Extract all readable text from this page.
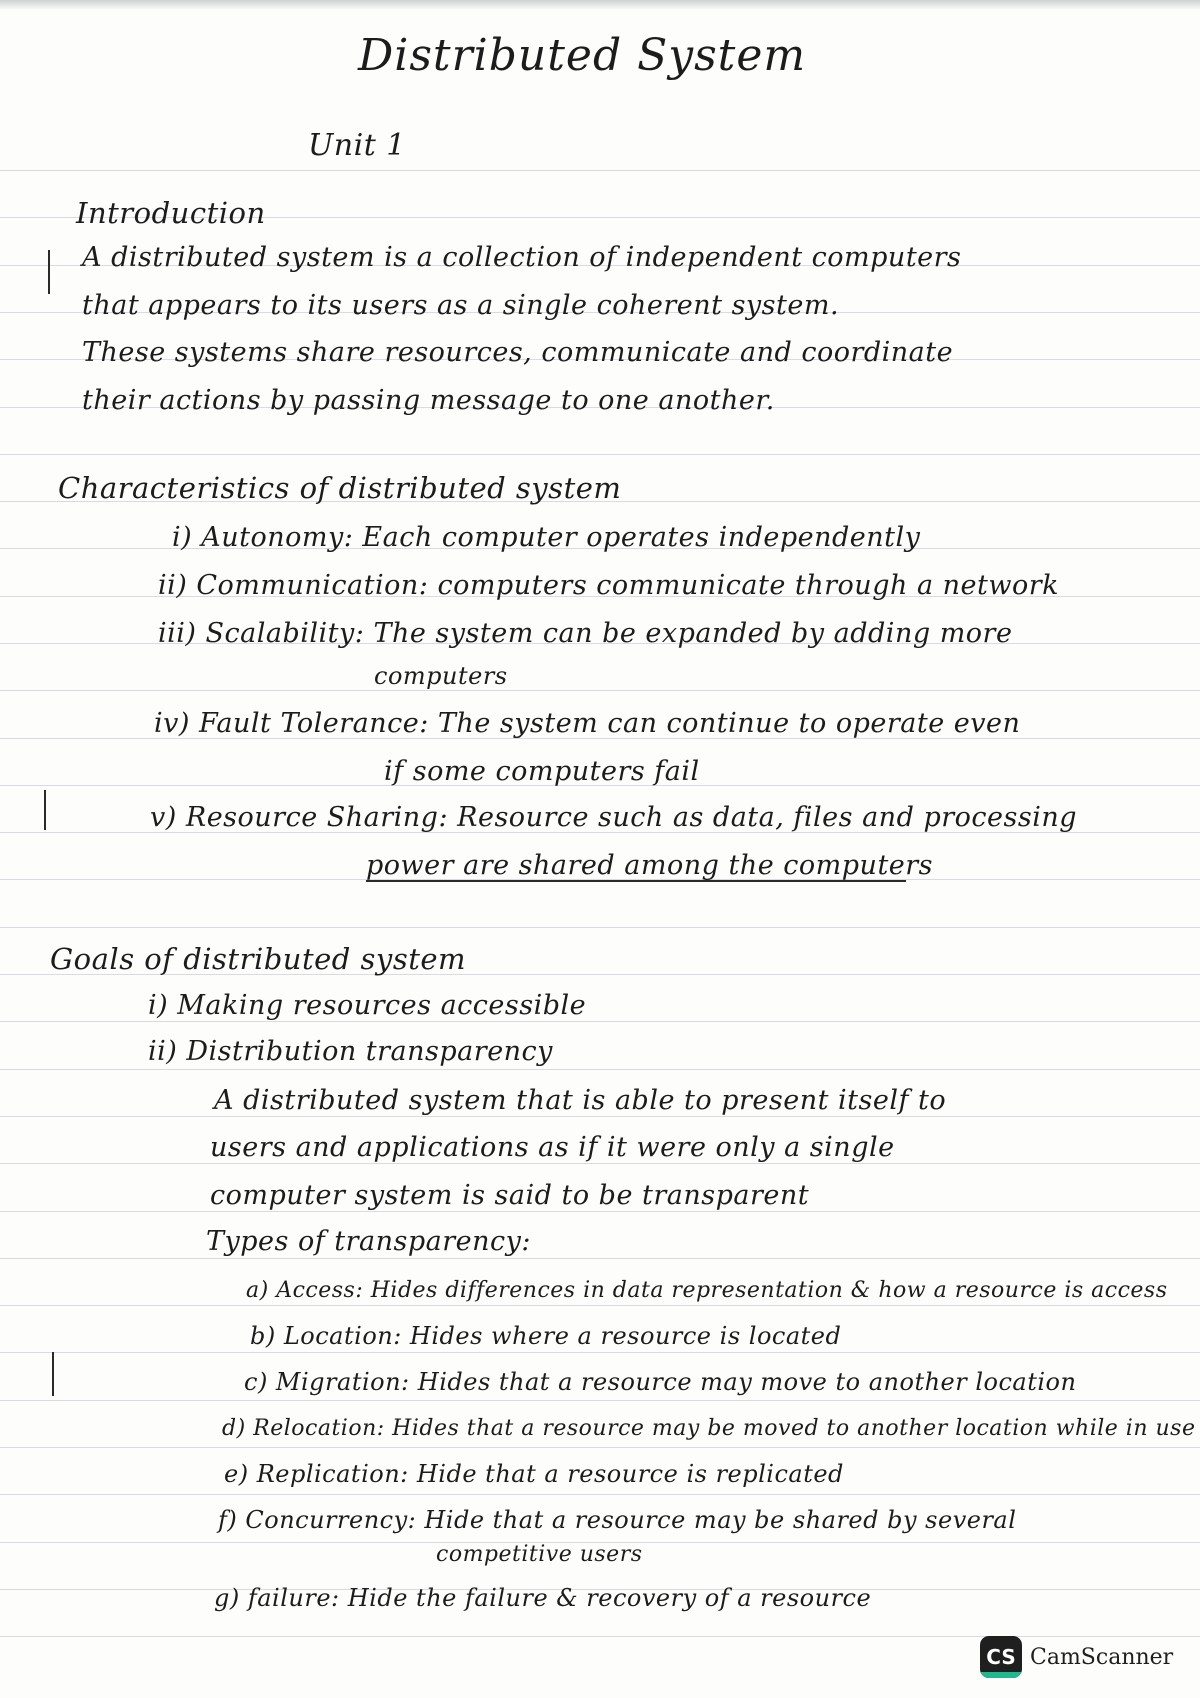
Distributed System
Unit 1
Introduction
A distributed system is a collection of independent computers
that appears to its users as a single coherent system.
These systems share resources, communicate and coordinate
their actions by passing message to one another.
Characteristics of distributed system
i) Autonomy: Each computer operates independently
ii) Communication: computers communicate through a network
iii) Scalability: The system can be expanded by adding more
computers
iv) Fault Tolerance: The system can continue to operate even
if some computers fail
v) Resource Sharing: Resource such as data, files and processing
power are shared among the computers
Goals of distributed system
i) Making resources accessible
ii) Distribution transparency
A distributed system that is able to present itself to
users and applications as if it were only a single
computer system is said to be transparent
Types of transparency:
a) Access: Hides differences in data representation & how a resource is access
b) Location: Hides where a resource is located
c) Migration: Hides that a resource may move to another location
d) Relocation: Hides that a resource may be moved to another location while in use
e) Replication: Hide that a resource is replicated
f) Concurrency: Hide that a resource may be shared by several
competitive users
g) failure: Hide the failure & recovery of a resource
CS CamScanner
